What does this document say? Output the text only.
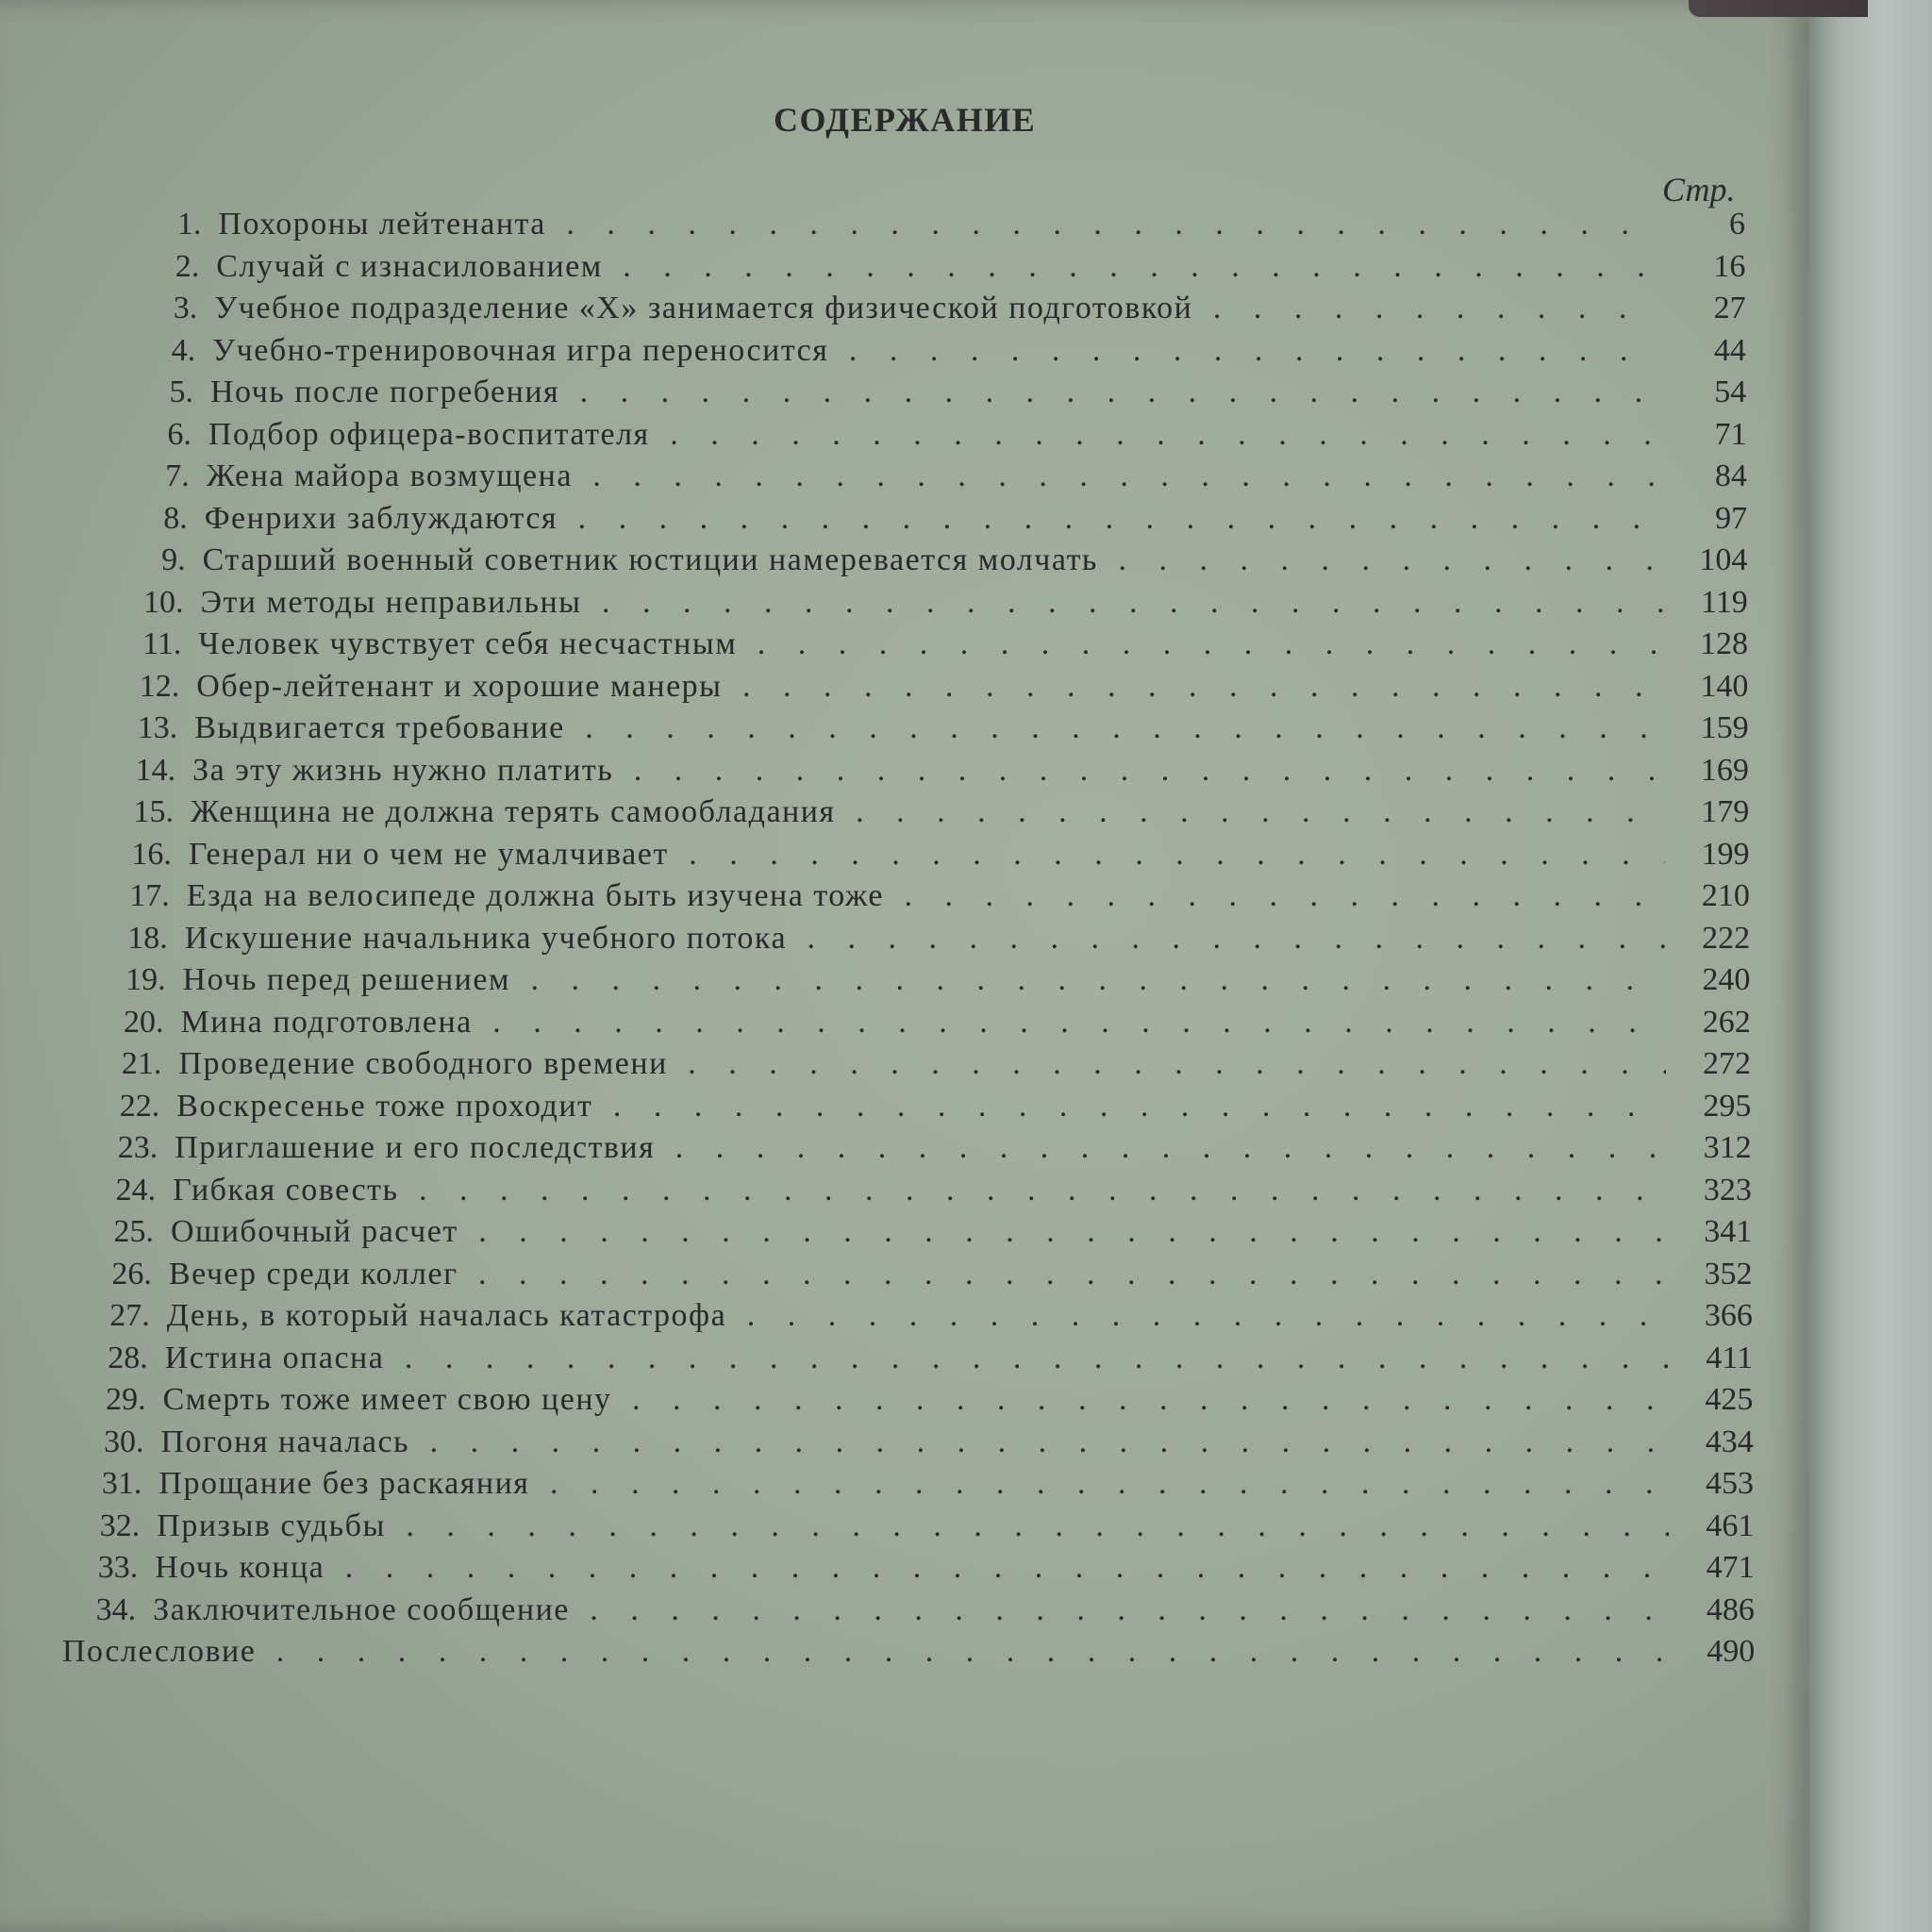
СОДЕРЖАНИЕ
Стр.
1. Похороны лейтенанта . . .	6
2. Случай с изнасилованием . . .	16
3. Учебное подразделение «Х» занимается физической подготовкой . . .	27
4. Учебно-тренировочная игра переносится . . .	44
5. Ночь после погребения . . .	54
6. Подбор офицера-воспитателя . . .	71
7. Жена майора возмущена . . .	84
8. Фенрихи заблуждаются . . .	97
9. Старший военный советник юстиции намеревается молчать . . .	104
10. Эти методы неправильны . . .	119
11. Человек чувствует себя несчастным . . .	128
12. Обер-лейтенант и хорошие манеры . . .	140
13. Выдвигается требование . . .	159
14. За эту жизнь нужно платить . . .	169
15. Женщина не должна терять самообладания . . .	179
16. Генерал ни о чем не умалчивает . . .	199
17. Езда на велосипеде должна быть изучена тоже . . .	210
18. Искушение начальника учебного потока . . .	222
19. Ночь перед решением . . .	240
20. Мина подготовлена . . .	262
21. Проведение свободного времени . . .	272
22. Воскресенье тоже проходит . . .	295
23. Приглашение и его последствия . . .	312
24. Гибкая совесть . . .	323
25. Ошибочный расчет . . .	341
26. Вечер среди коллег . . .	352
27. День, в который началась катастрофа . . .	366
28. Истина опасна . . .	411
29. Смерть тоже имеет свою цену . . .	425
30. Погоня началась . . .	434
31. Прощание без раскаяния . . .	453
32. Призыв судьбы . . .	461
33. Ночь конца . . .	471
34. Заключительное сообщение . . .	486
Послесловие . . .	490
